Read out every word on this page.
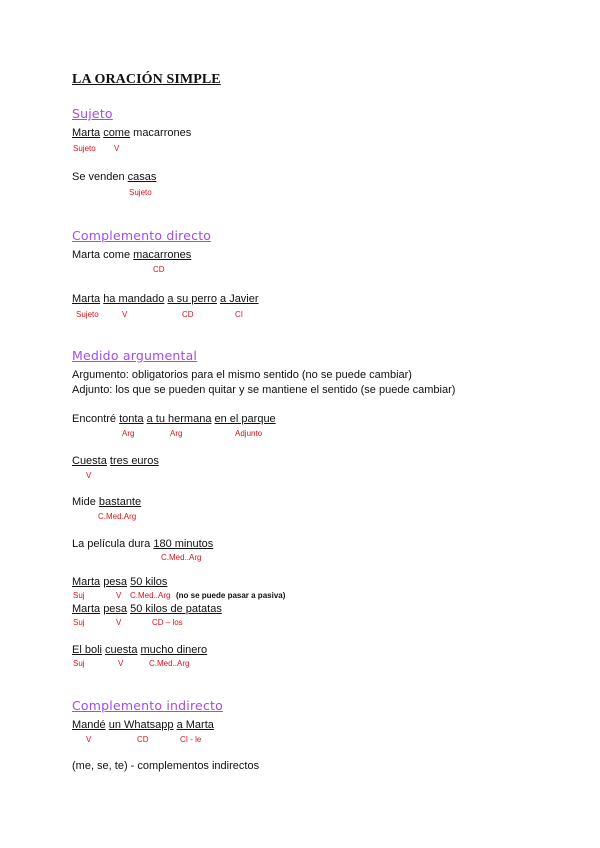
LA ORACIÓN SIMPLE
Sujeto
Marta come macarrones
Sujeto V
Se venden casas
Sujeto
Complemento directo
Marta come macarrones
CD
Marta ha mandado a su perro a Javier
Sujeto	V	CD	CI
Medido argumental
Argumento: obligatorios para el mismo sentido (no se puede cambiar)
Adjunto: los que se pueden quitar y se mantiene el sentido (se puede cambiar)
Encontré tonta a tu hermana en el parque
Arg	Arg	Adjunto
Cuesta tres euros
V
Mide bastante
C.Med.Arg
La película dura 180 minutos
C.Med..Arg
Marta pesa 50 kilos
Suj	V C.Med..Arg (no se puede pasar a pasiva)
Marta pesa 50 kilos de patatas
Suj	V	CD – los
El boli cuesta mucho dinero
Suj	V	C.Med..Arg
Complemento indirecto
Mandé un Whatsapp a Marta
V	CD	CI - le
(me, se, te) - complementos indirectos
